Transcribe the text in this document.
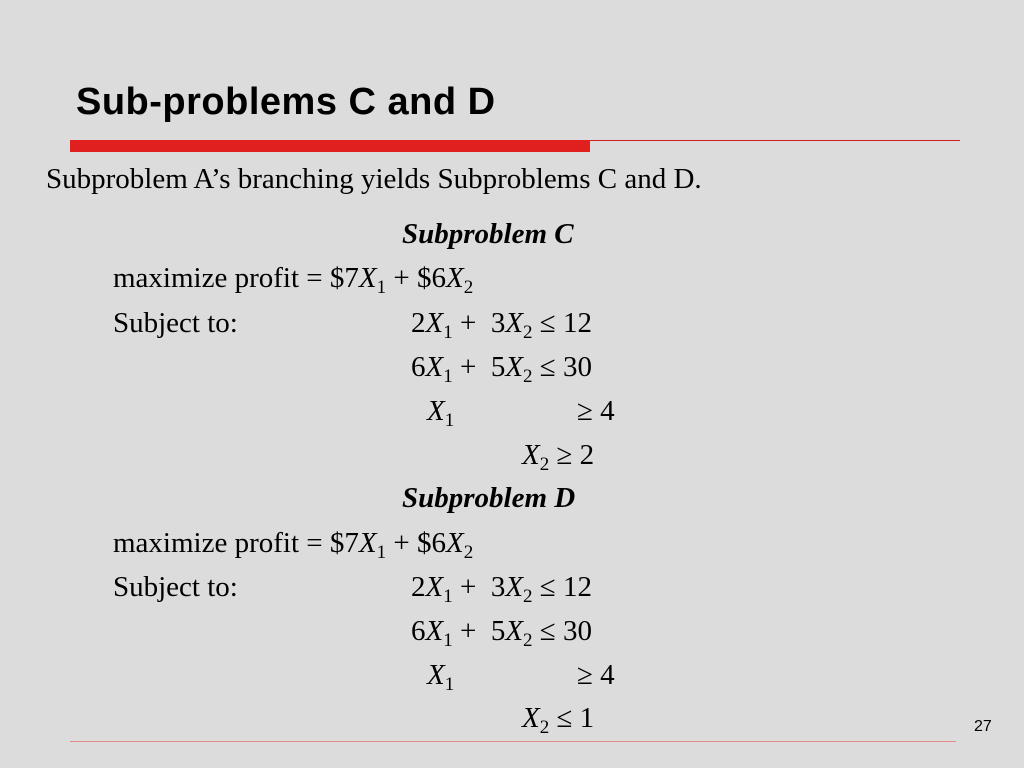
Sub-problems C and D
Subproblem A’s branching yields Subproblems C and D.
Subproblem C
maximize profit = $\$7X_1$ + $\$6X_2$
Subject to:	$2X_1 + 3X_2 \le 12$
$6X_1 + 5X_2 \le 30$
$X_1$	≥ 4
$X_2 \ge 2$
Subproblem D
maximize profit = $\$7X_1$ + $\$6X_2$
Subject to:	$2X_1 + 3X_2 \le 12$
$6X_1 + 5X_2 \le 30$
$X_1$	≥ 4
$X_2 \le 1$	27
